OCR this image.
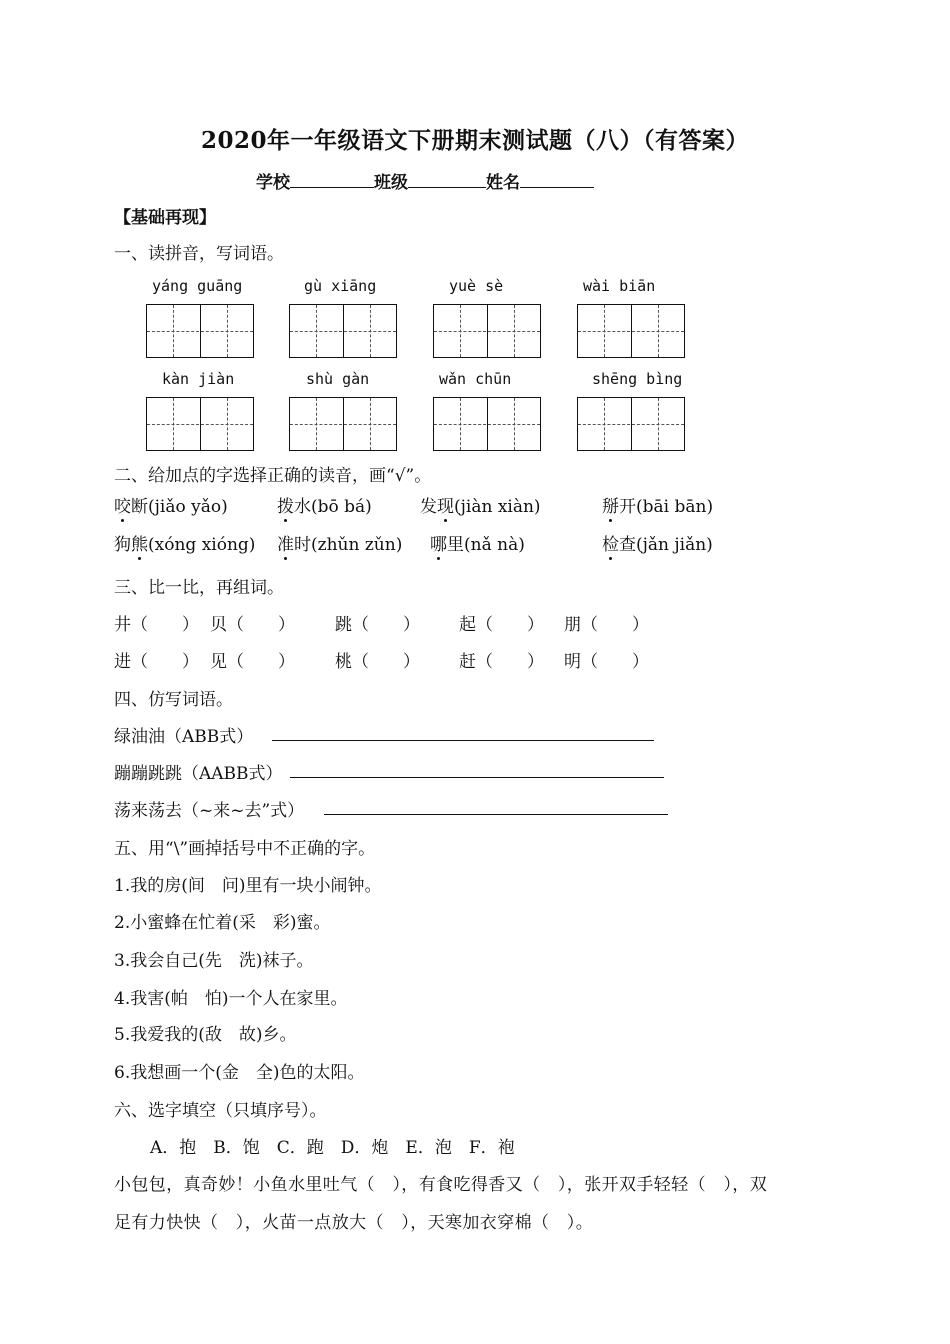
2020年一年级语文下册期末测试题（八）（有答案）
学校	班级	姓名
【基础再现】
一、读拼音，写词语。
yáng guāng	gù xiāng	yuè sè	wài biān
kàn jiàn	shù gàn	wǎn chūn	shēng bìng
二、给加点的字选择正确的读音，画“√”。
咬断(jiǎo yǎo)	拨水(bō bá)	发现(jiàn xiàn)	掰开(bāi bān)
狗熊(xóng xióng) 准时(zhǔn zǔn) 哪里(nǎ nà)	检查(jǎn jiǎn)
三、比一比，再组词。
井（　　） 贝（　　） 跳（　　） 起（　　） 朋（　　）
进（　　） 见（　　） 桃（　　） 赶（　　） 明（　　）
四、仿写词语。
绿油油（ABB式）
蹦蹦跳跳（AABB式）
荡来荡去（~来~去”式）
五、用“\”画掉括号中不正确的字。
1.我的房(间　问)里有一块小闹钟。
2.小蜜蜂在忙着(采　彩)蜜。
3.我会自己(先　洗)袜子。
4.我害(帕　怕)一个人在家里。
5.我爱我的(敌　故)乡。
6.我想画一个(金　全)色的太阳。
六、选字填空（只填序号）。
A．抱　B．饱　C．跑　D．炮　E．泡　F．袍
小包包，真奇妙！小鱼水里吐气（　），有食吃得香又（　），张开双手轻轻（　），双
足有力快快（　），火苗一点放大（　），天寒加衣穿棉（　）。
